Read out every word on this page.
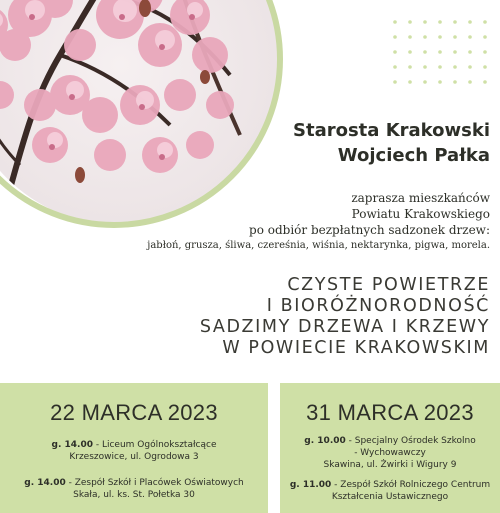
Starosta Krakowski
Wojciech Pałka
zaprasza mieszkańców
Powiatu Krakowskiego
po odbiór bezpłatnych sadzonek drzew:
jabłoń, grusza, śliwa, czereśnia, wiśnia, nektarynka, pigwa, morela.
CZYSTE POWIETRZE
I BIORÓŻNORODNOŚĆ
SADZIMY DRZEWA I KRZEWY
W POWIECIE KRAKOWSKIM
22 MARCA 2023
g. 14.00 - Liceum Ogólnokształcące
Krzeszowice, ul. Ogrodowa 3
g. 14.00 - Zespół Szkół i Placówek Oświatowych
Skała, ul. ks. St. Połetka 30
31 MARCA 2023
g. 10.00 - Specjalny Ośrodek Szkolno
- Wychowawczy
Skawina, ul. Żwirki i Wigury 9
g. 11.00 - Zespół Szkół Rolniczego Centrum
Kształcenia Ustawicznego
